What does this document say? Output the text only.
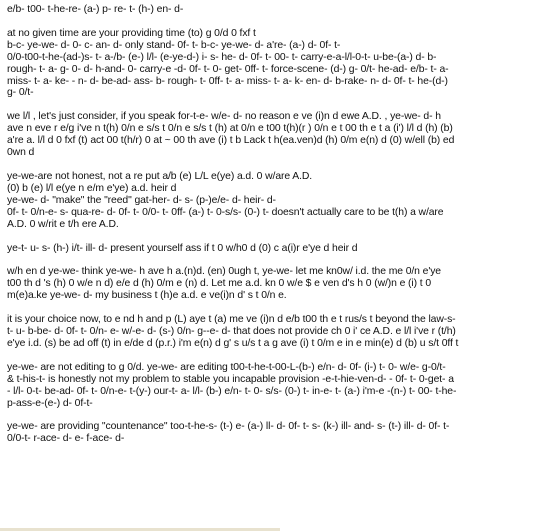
e/b- t00- t-he-re- (a-) p- re- t- (h-) en- d-

at no given time are your providing time (to) g 0/d 0 fxf t
b-c- ye-we- d- 0- c- an- d- only stand- 0f- t- b-c- ye-we- d- a're- (a-) d- 0f- t-
0/0-t00-t-he-(ad-)s- t- a-/b- (e-) l/l- (e-ye-d-) i- s- he- d- 0f- t- 00- t- carry-e-a-l/l-0-t- u-be-(a-) d- b-
rough- t- a- g- 0- d- h-and- 0- carry-e -d- 0f- t- 0- get- 0ff- t- force-scene- (d-) g- 0/t- he-ad- e/b- t- a-
miss- t- a- ke- - n- d- be-ad- ass- b- rough- t- 0ff- t- a- miss- t- a- k- en- d- b-rake- n- d- 0f- t- he-(d-)
g- 0/t-

we l/l , let's just consider, if you speak for-t-e- w/e- d- no reason e ve (i)n d ewe A.D. , ye-we- d- h
ave n eve r e/g i've n t(h) 0/n e s/s t 0/n e s/s t (h) at 0/n e t00 t(h)(r ) 0/n e t 00 th e t a (i') l/l d (h) (b)
a're a. l/l d 0 fxf (t) act 00 t(h/r) 0 at ~ 00 th ave (i) t b Lack t h(ea.ven)d (h) 0/m e(n) d (0) w/ell (b) ed
0wn d

ye-we-are not honest, not a re put a/b (e) L/L e(ye) a.d. 0 w/are A.D.
(0) b (e) l/l e(ye n e/m e'ye) a.d. heir d
ye-we- d- "make" the "reed" gat-her- d- s- (p-)e/e- d- heir- d-
0f- t- 0/n-e- s- qua-re- d- 0f- t- 0/0- t- 0ff- (a-) t- 0-s/s- (0-) t- doesn't actually care to be t(h) a w/are
A.D. 0 w/rit e t/h ere A.D.

ye-t- u- s- (h-) i/t- ill- d- present yourself ass if t 0 w/h0 d (0) c a(i)r e'ye d heir d

w/h en d ye-we- think ye-we- h ave h a.(n)d. (en) 0ugh t, ye-we- let me kn0w/ i.d. the me 0/n e'ye
t00 th d 's (h) 0 w/e n d) e/e d (h) 0/m e (n) d. Let me a.d. kn 0 w/e $ e ven d's h 0 (w/)n e (i) t 0
m(e)a.ke ye-we- d- my business t (h)e a.d. e ve(i)n d' s t 0/n e.

it is your choice now, to e nd h and p (L) aye t (a) me ve (i)n d e/b t00 th e t rus/s t beyond the law-s-
t- u- b-be- d- 0f- t- 0/n- e- w/-e- d- (s-) 0/n- g--e- d- that does not provide ch 0 i' ce A.D. e l/l i've r (t/h)
e'ye i.d. (s) be ad off (t) in e/de d (p.r.) i'm e(n) d g' s u/s t a g ave (i) t 0/m e in e min(e) d (b) u s/t 0ff t

ye-we- are not editing to g 0/d. ye-we- are editing t00-t-he-t-00-L-(b-) e/n- d- 0f- (i-) t- 0- w/e- g-0/t-
& t-his-t- is honestly not my problem to stable you incapable provision -e-t-hie-ven-d- - 0f- t- 0-get- a
- l/l- 0-t- be-ad- 0f- t- 0/n-e- t-(y-) our-t- a- l/l- (b-) e/n- t- 0- s/s- (0-) t- in-e- t- (a-) i'm-e -(n-) t- 00- t-he-
p-ass-e-(e-) d- 0f-t-

ye-we- are providing "countenance" too-t-he-s- (t-) e- (a-) ll- d- 0f- t- s- (k-) ill- and- s- (t-) ill- d- 0f- t-
0/0-t- r-ace- d- e- f-ace- d-
